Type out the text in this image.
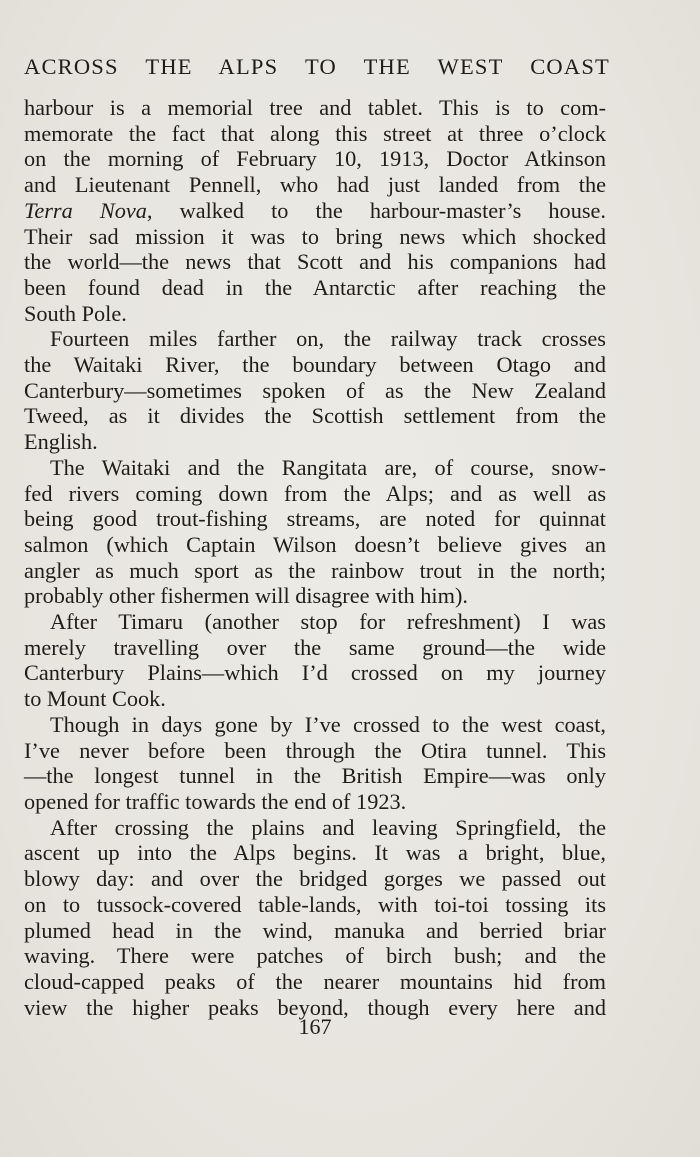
ACROSS THE ALPS TO THE WEST COAST
harbour is a memorial tree and tablet. This is to com-
memorate the fact that along this street at three o’clock
on the morning of February 10, 1913, Doctor Atkinson
and Lieutenant Pennell, who had just landed from the
Terra Nova, walked to the harbour-master’s house.
Their sad mission it was to bring news which shocked
the world—the news that Scott and his companions had
been found dead in the Antarctic after reaching the
South Pole.
Fourteen miles farther on, the railway track crosses
the Waitaki River, the boundary between Otago and
Canterbury—sometimes spoken of as the New Zealand
Tweed, as it divides the Scottish settlement from the
English.
The Waitaki and the Rangitata are, of course, snow-
fed rivers coming down from the Alps; and as well as
being good trout-fishing streams, are noted for quinnat
salmon (which Captain Wilson doesn’t believe gives an
angler as much sport as the rainbow trout in the north;
probably other fishermen will disagree with him).
After Timaru (another stop for refreshment) I was
merely travelling over the same ground—the wide
Canterbury Plains—which I’d crossed on my journey
to Mount Cook.
Though in days gone by I’ve crossed to the west coast,
I’ve never before been through the Otira tunnel. This
—the longest tunnel in the British Empire—was only
opened for traffic towards the end of 1923.
After crossing the plains and leaving Springfield, the
ascent up into the Alps begins. It was a bright, blue,
blowy day: and over the bridged gorges we passed out
on to tussock-covered table-lands, with toi-toi tossing its
plumed head in the wind, manuka and berried briar
waving. There were patches of birch bush; and the
cloud-capped peaks of the nearer mountains hid from
view the higher peaks beyond, though every here and
167
